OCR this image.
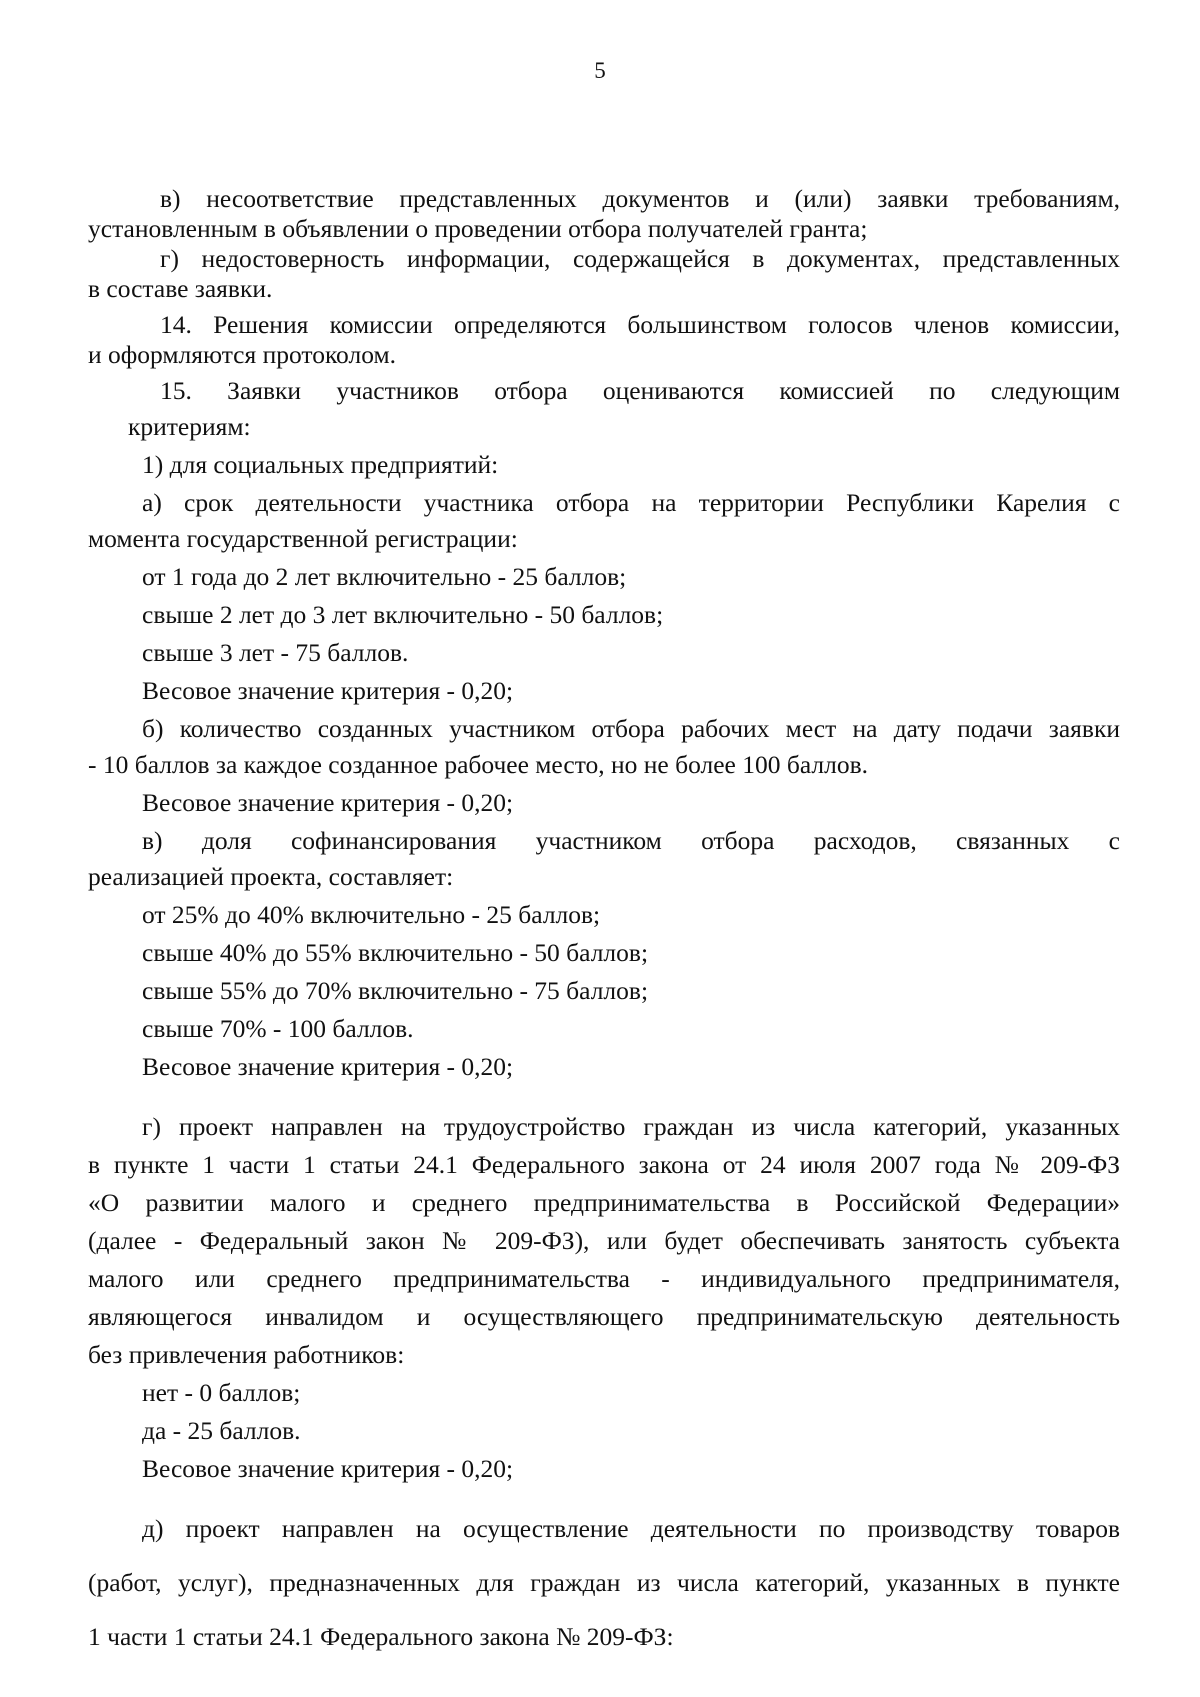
5
в) несоответствие представленных документов и (или) заявки требованиям,
установленным в объявлении о проведении отбора получателей гранта;
г) недостоверность информации, содержащейся в документах, представленных
в составе заявки.
14. Решения комиссии определяются большинством голосов членов комиссии,
и оформляются протоколом.
15. Заявки участников отбора оцениваются комиссией по следующим
критериям:
1) для социальных предприятий:
а) срок деятельности участника отбора на территории Республики Карелия с
момента государственной регистрации:
от 1 года до 2 лет включительно - 25 баллов;
свыше 2 лет до 3 лет включительно - 50 баллов;
свыше 3 лет - 75 баллов.
Весовое значение критерия - 0,20;
б) количество созданных участником отбора рабочих мест на дату подачи заявки
- 10 баллов за каждое созданное рабочее место, но не более 100 баллов.
Весовое значение критерия - 0,20;
в) доля софинансирования участником отбора расходов, связанных с
реализацией проекта, составляет:
от 25% до 40% включительно - 25 баллов;
свыше 40% до 55% включительно - 50 баллов;
свыше 55% до 70% включительно - 75 баллов;
свыше 70% - 100 баллов.
Весовое значение критерия - 0,20;
г) проект направлен на трудоустройство граждан из числа категорий, указанных
в пункте 1 части 1 статьи 24.1 Федерального закона от 24 июля 2007 года № 209-ФЗ
«О развитии малого и среднего предпринимательства в Российской Федерации»
(далее - Федеральный закон № 209-ФЗ), или будет обеспечивать занятость субъекта
малого или среднего предпринимательства - индивидуального предпринимателя,
являющегося инвалидом и осуществляющего предпринимательскую деятельность
без привлечения работников:
нет - 0 баллов;
да - 25 баллов.
Весовое значение критерия - 0,20;
д) проект направлен на осуществление деятельности по производству товаров
(работ, услуг), предназначенных для граждан из числа категорий, указанных в пункте
1 части 1 статьи 24.1 Федерального закона № 209-ФЗ:
